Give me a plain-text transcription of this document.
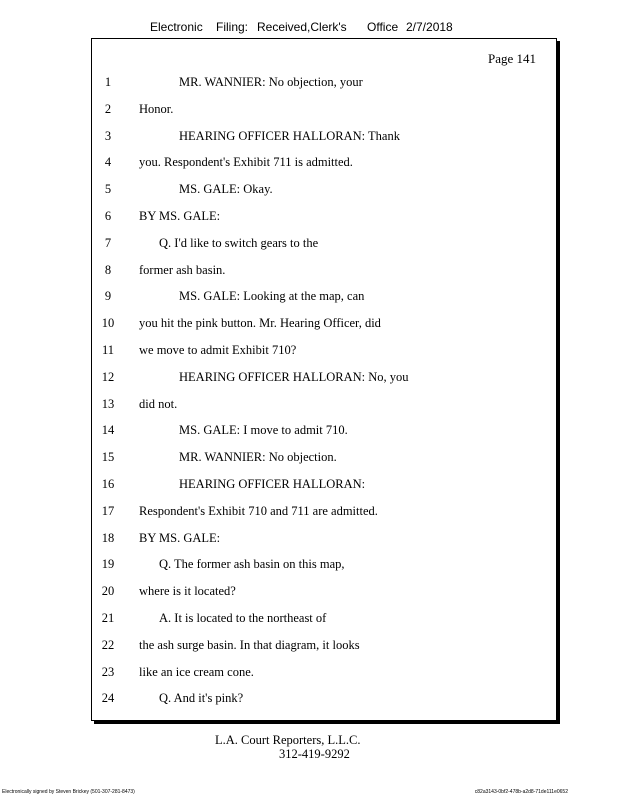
Electronic Filing: Received,Clerk's Office 2/7/2018
Page 141
1	MR. WANNIER: No objection, your
2	Honor.
3	HEARING OFFICER HALLORAN: Thank
4	you. Respondent's Exhibit 711 is admitted.
5	MS. GALE: Okay.
6	BY MS. GALE:
7	Q. I'd like to switch gears to the
8	former ash basin.
9	MS. GALE: Looking at the map, can
10	you hit the pink button. Mr. Hearing Officer, did
11	we move to admit Exhibit 710?
12	HEARING OFFICER HALLORAN: No, you
13	did not.
14	MS. GALE: I move to admit 710.
15	MR. WANNIER: No objection.
16	HEARING OFFICER HALLORAN:
17	Respondent's Exhibit 710 and 711 are admitted.
18	BY MS. GALE:
19	Q. The former ash basin on this map,
20	where is it located?
21	A. It is located to the northeast of
22	the ash surge basin. In that diagram, it looks
23	like an ice cream cone.
24	Q. And it's pink?
L.A. Court Reporters, L.L.C.
312-419-9292
Electronically signed by Steven Brickey (501-307-281-8473)	c82a3143-0bf2-478b-a2d8-71de111e0652
